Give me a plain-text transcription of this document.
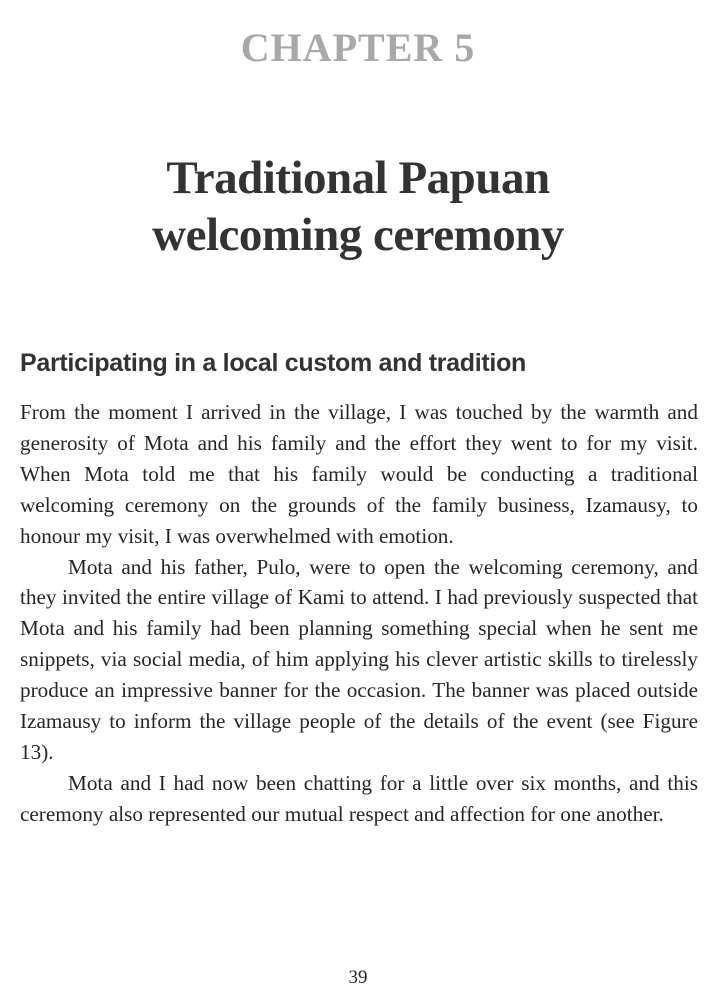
CHAPTER 5
Traditional Papuan
welcoming ceremony
Participating in a local custom and tradition

From the moment I arrived in the village, I was touched by the warmth and generosity of Mota and his family and the effort they went to for my visit. When Mota told me that his family would be conducting a traditional welcoming ceremony on the grounds of the family business, Izamausy, to honour my visit, I was overwhelmed with emotion.

Mota and his father, Pulo, were to open the welcoming ceremony, and they invited the entire village of Kami to attend. I had previously suspected that Mota and his family had been planning something special when he sent me snippets, via social media, of him applying his clever artistic skills to tirelessly produce an impressive banner for the occasion. The banner was placed outside Izamausy to inform the village people of the details of the event (see Figure 13).

Mota and I had now been chatting for a little over six months, and this ceremony also represented our mutual respect and affection for one another.

39
